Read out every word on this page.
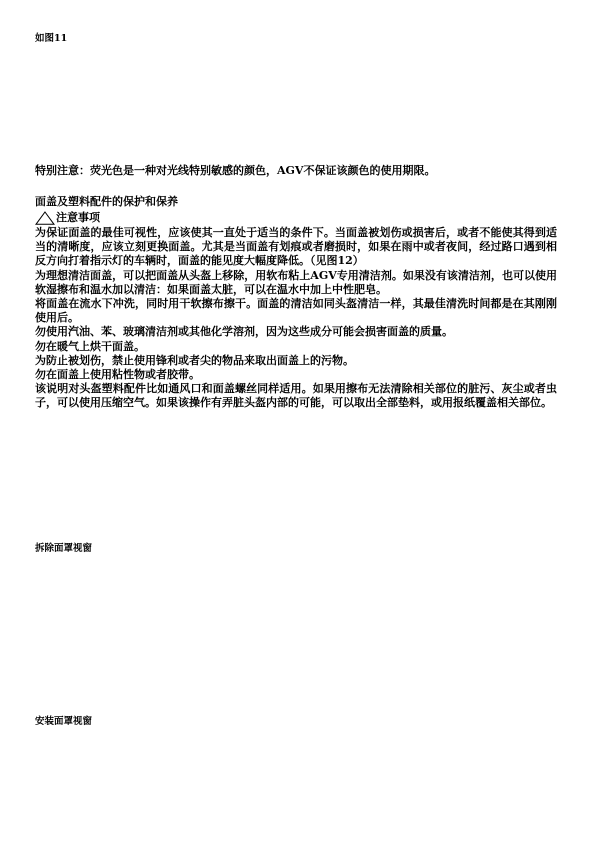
如图11
特别注意：荧光色是一种对光线特别敏感的颜色，AGV不保证该颜色的使用期限。
面盖及塑料配件的保护和保养
注意事项

为保证面盖的最佳可视性，应该使其一直处于适当的条件下。当面盖被划伤或损害后，或者不能使其得到适当的清晰度，应该立刻更换面盖。尤其是当面盖有划痕或者磨损时，如果在雨中或者夜间，经过路口遇到相反方向打着指示灯的车辆时，面盖的能见度大幅度降低。（见图12）

为理想清洁面盖，可以把面盖从头盔上移除，用软布粘上AGV专用清洁剂。如果没有该清洁剂，也可以使用软湿擦布和温水加以清洁：如果面盖太脏，可以在温水中加上中性肥皂。

将面盖在流水下冲洗，同时用干软擦布擦干。面盖的清洁如同头盔清洁一样，其最佳清洗时间都是在其刚刚使用后。

勿使用汽油、苯、玻璃清洁剂或其他化学溶剂，因为这些成分可能会损害面盖的质量。

勿在暖气上烘干面盖。

为防止被划伤，禁止使用锋利或者尖的物品来取出面盖上的污物。

勿在面盖上使用粘性物或者胶带。

该说明对头盔塑料配件比如通风口和面盖螺丝同样适用。如果用擦布无法清除相关部位的脏污、灰尘或者虫子，可以使用压缩空气。如果该操作有弄脏头盔内部的可能，可以取出全部垫料，或用报纸覆盖相关部位。

拆除面罩视窗
安装面罩视窗
